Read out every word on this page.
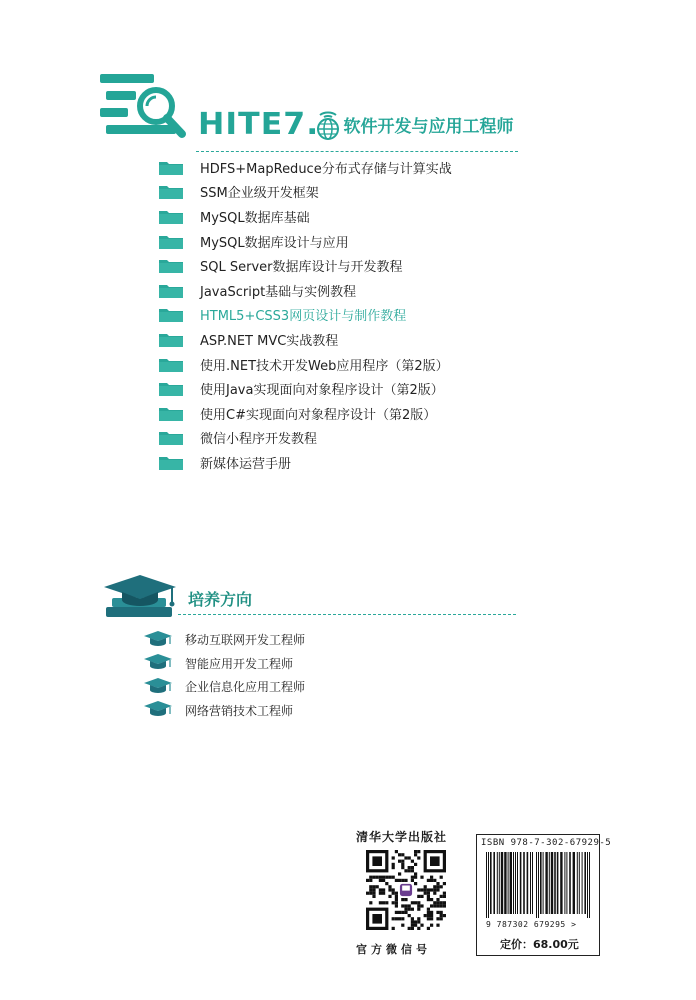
HITE7. 软件开发与应用工程师
HDFS+MapReduce分布式存储与计算实战
SSM企业级开发框架
MySQL数据库基础
MySQL数据库设计与应用
SQL Server数据库设计与开发教程
JavaScript基础与实例教程
HTML5+CSS3网页设计与制作教程
ASP.NET MVC实战教程
使用.NET技术开发Web应用程序（第2版）
使用Java实现面向对象程序设计（第2版）
使用C#实现面向对象程序设计（第2版）
微信小程序开发教程
新媒体运营手册
培养方向
移动互联网开发工程师
智能应用开发工程师
企业信息化应用工程师
网络营销技术工程师
清华大学出版社
官方微信号
ISBN 978-7-302-67929-5
9 787302 679295 >
定价：68.00元
